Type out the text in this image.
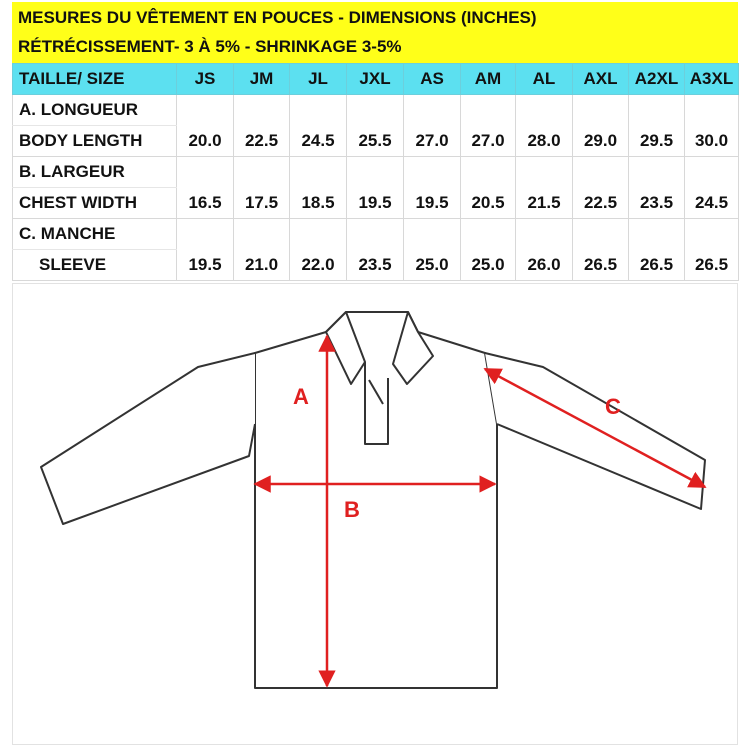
MESURES DU VÊTEMENT EN POUCES - DIMENSIONS (INCHES)
RÉTRÉCISSEMENT- 3 À 5% - SHRINKAGE 3-5%
TAILLE/ SIZE	JS	JM	JL	JXL	AS	AM	AL	AXL	A2XL	A3XL
A. LONGUEUR										
BODY LENGTH	20.0	22.5	24.5	25.5	27.0	27.0	28.0	29.0	29.5	30.0
B. LARGEUR										
CHEST WIDTH	16.5	17.5	18.5	19.5	19.5	20.5	21.5	22.5	23.5	24.5
C. MANCHE										
SLEEVE	19.5	21.0	22.0	23.5	25.0	25.0	26.0	26.5	26.5	26.5
A
B
C
